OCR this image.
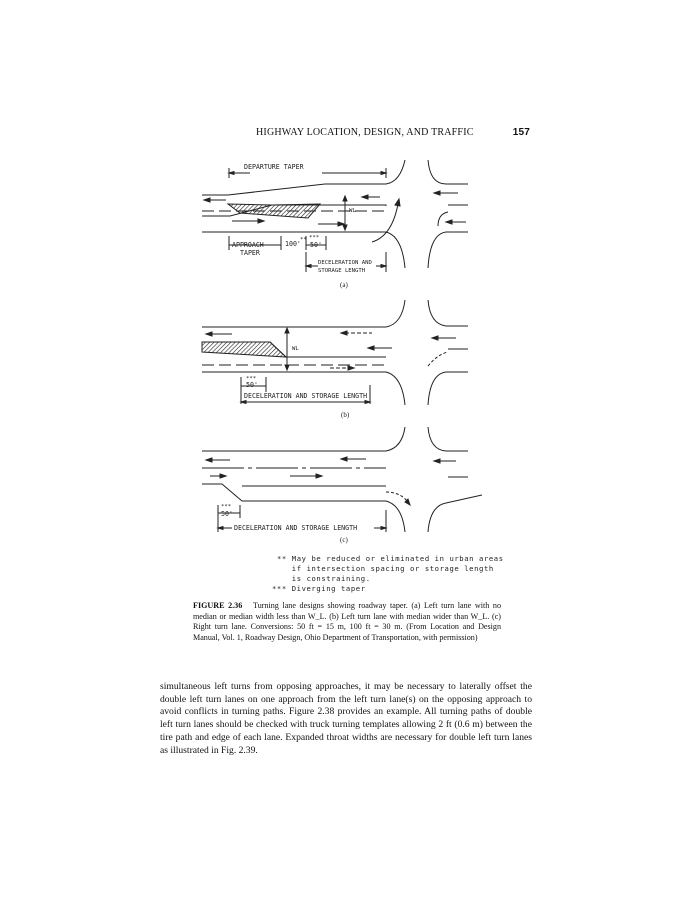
HIGHWAY LOCATION, DESIGN, AND TRAFFIC	157
DEPARTURE TAPER
WL
APPROACH
TAPER
100' ** ***
50'
DECELERATION AND
STORAGE LENGTH
(a)
WL
***
50'
DECELERATION AND STORAGE LENGTH
(b)
***
50'
DECELERATION AND STORAGE LENGTH
(c)
** May be reduced or eliminated in urban areas
if intersection spacing or storage length
is constraining.
*** Diverging taper
FIGURE 2.36 Turning lane designs showing roadway taper. (a) Left turn lane with no median or median width less than W_L. (b) Left turn lane with median wider than W_L. (c) Right turn lane. Conversions: 50 ft = 15 m, 100 ft = 30 m. (From Location and Design Manual, Vol. 1, Roadway Design, Ohio Department of Transportation, with permission)

simultaneous left turns from opposing approaches, it may be necessary to laterally offset the double left turn lanes on one approach from the left turn lane(s) on the opposing approach to avoid conflicts in turning paths. Figure 2.38 provides an example. All turning paths of double left turn lanes should be checked with truck turning templates allowing 2 ft (0.6 m) between the tire path and edge of each lane. Expanded throat widths are necessary for double left turn lanes as illustrated in Fig. 2.39.
